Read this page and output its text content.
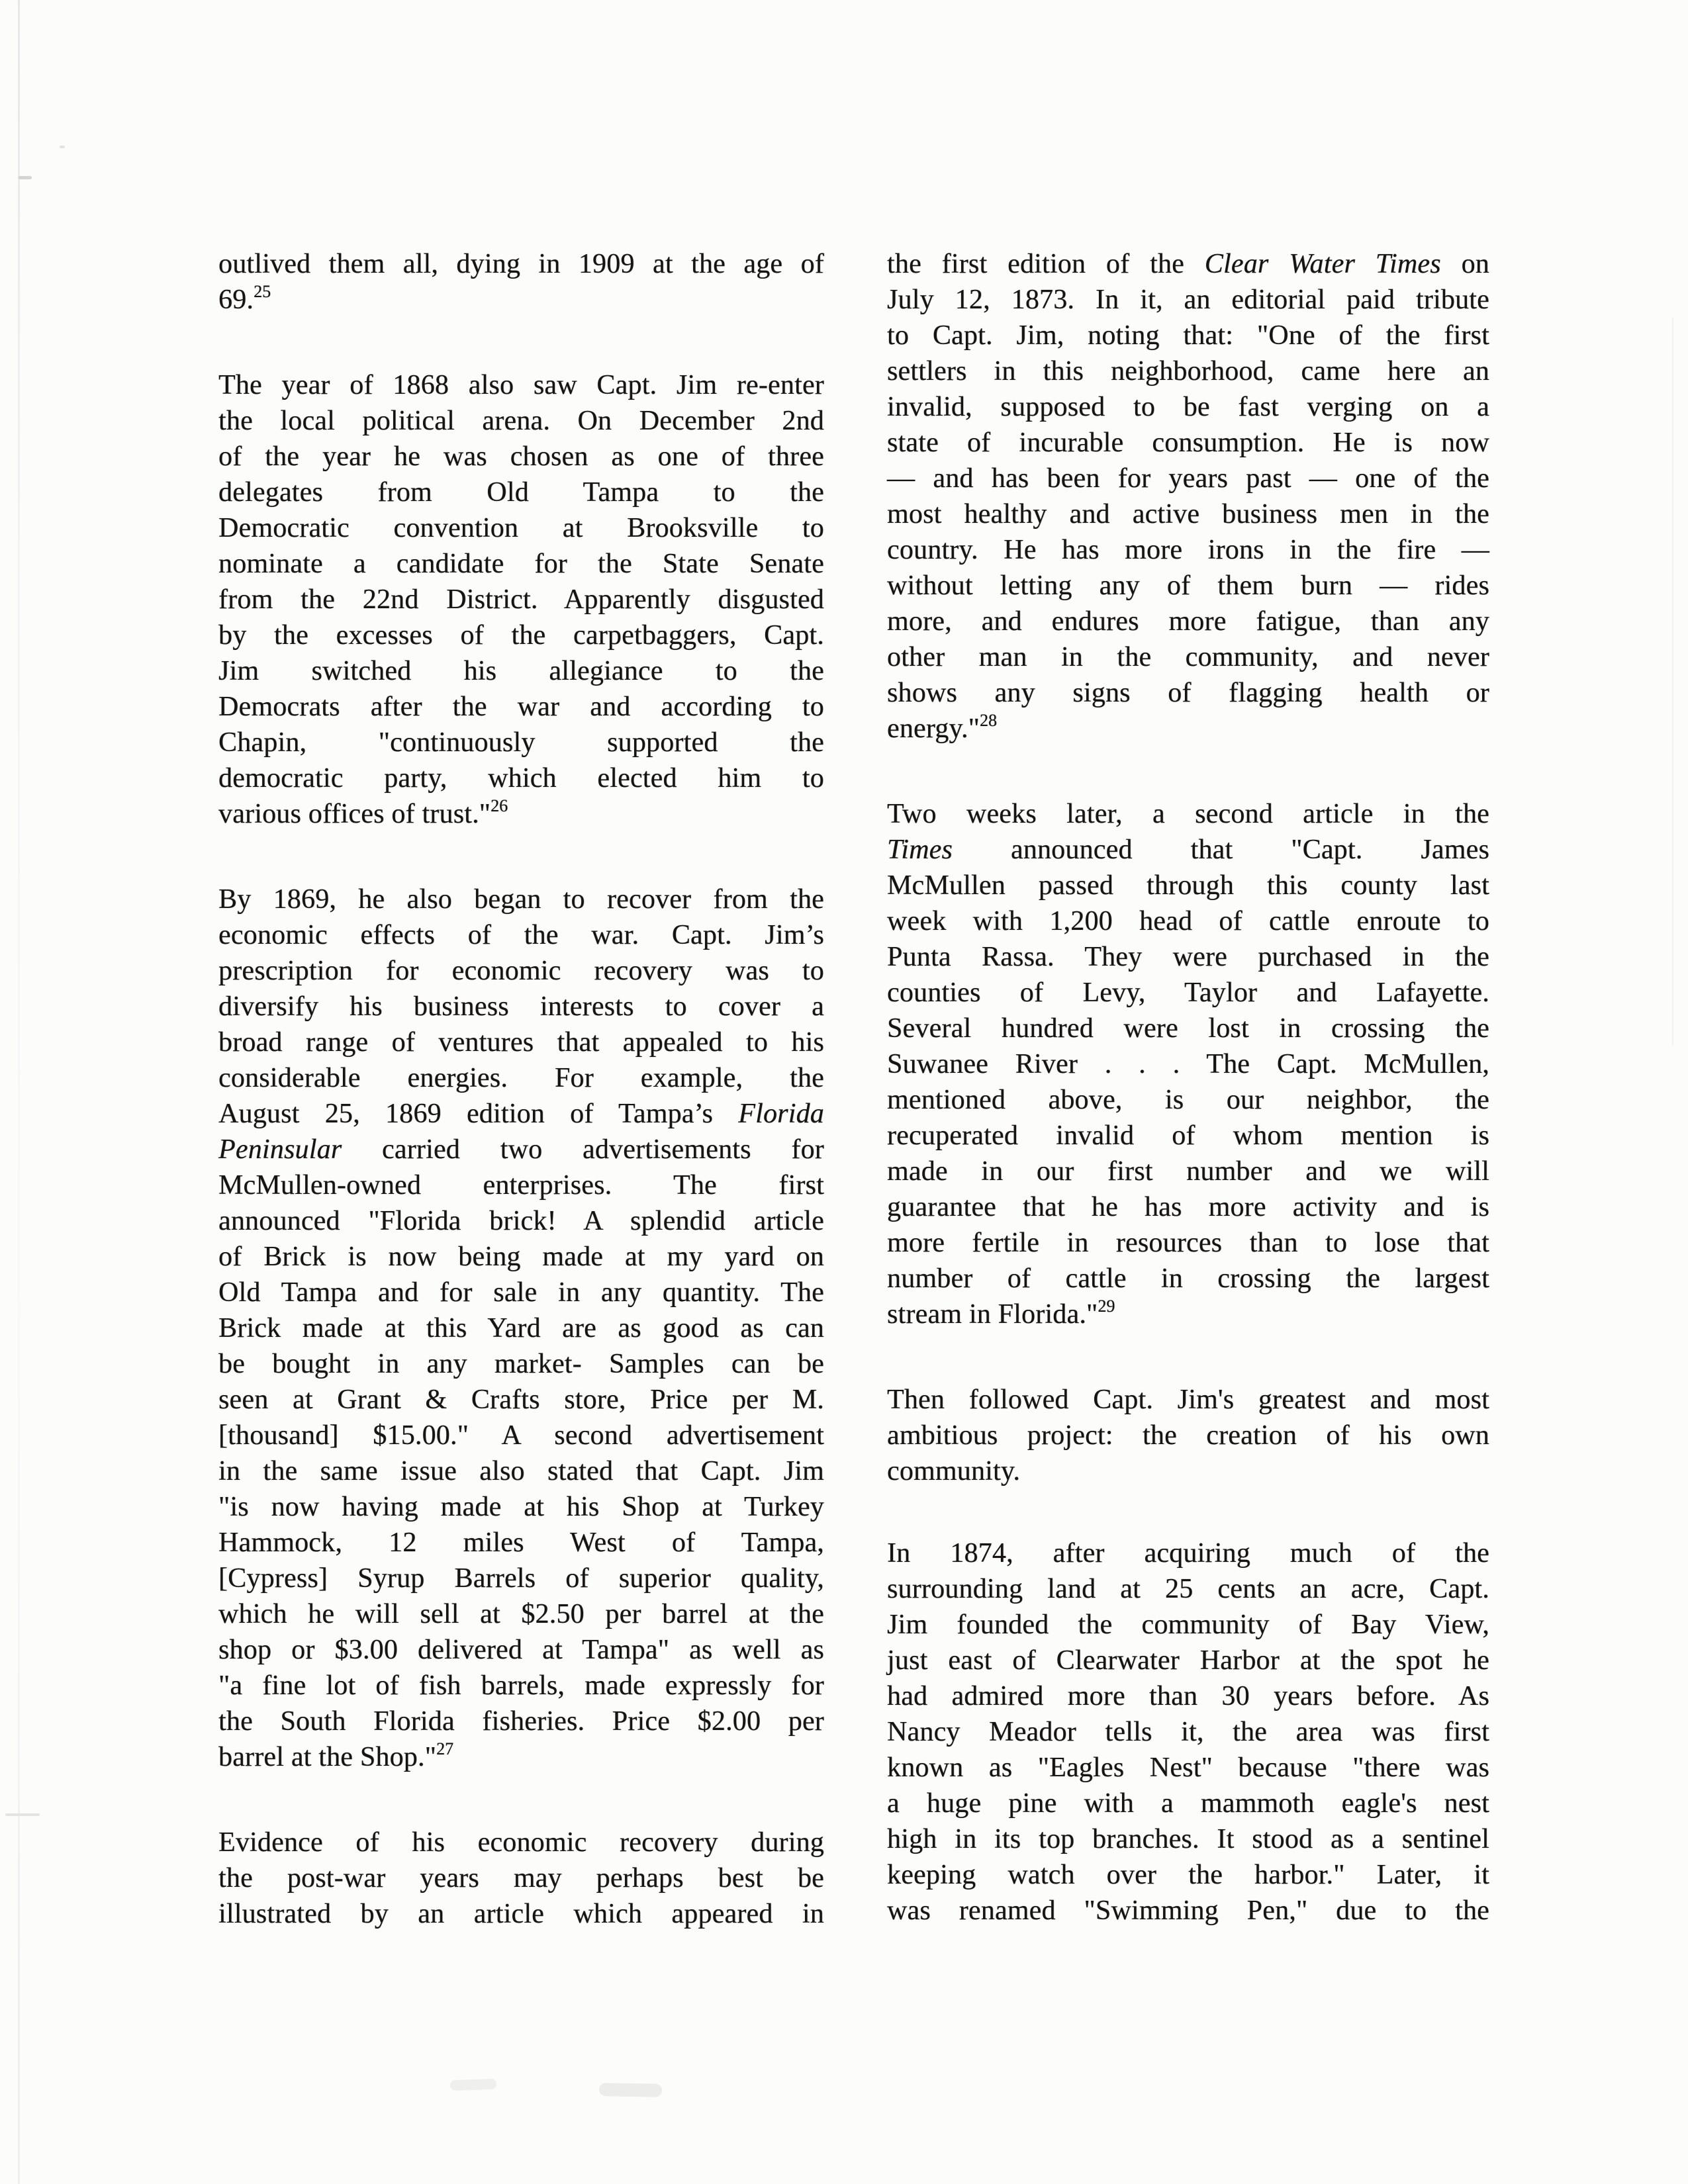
outlived them all, dying in 1909 at the age of
69.25
The year of 1868 also saw Capt. Jim re-enter
the local political arena. On December 2nd
of the year he was chosen as one of three
delegates from Old Tampa to the
Democratic convention at Brooksville to
nominate a candidate for the State Senate
from the 22nd District. Apparently disgusted
by the excesses of the carpetbaggers, Capt.
Jim switched his allegiance to the
Democrats after the war and according to
Chapin, "continuously supported the
democratic party, which elected him to
various offices of trust."$^{26}$
By 1869, he also began to recover from the
economic effects of the war. Capt. Jim’s
prescription for economic recovery was to
diversify his business interests to cover a
broad range of ventures that appealed to his
considerable energies. For example, the
August 25, 1869 edition of Tampa’s Florida
Peninsular carried two advertisements for
McMullen-owned enterprises. The first
announced "Florida brick! A splendid article
of Brick is now being made at my yard on
Old Tampa and for sale in any quantity. The
Brick made at this Yard are as good as can
be bought in any market- Samples can be
seen at Grant & Crafts store, Price per M.
[thousand] $15.00." A second advertisement
in the same issue also stated that Capt. Jim
"is now having made at his Shop at Turkey
Hammock, 12 miles West of Tampa,
[Cypress] Syrup Barrels of superior quality,
which he will sell at $2.50 per barrel at the
shop or $3.00 delivered at Tampa" as well as
"a fine lot of fish barrels, made expressly for
the South Florida fisheries. Price $2.00 per
barrel at the Shop."$^{27}$
Evidence of his economic recovery during
the post-war years may perhaps best be
illustrated by an article which appeared in
the first edition of the Clear Water Times on
July 12, 1873. In it, an editorial paid tribute
to Capt. Jim, noting that: "One of the first
settlers in this neighborhood, came here an
invalid, supposed to be fast verging on a
state of incurable consumption. He is now
— and has been for years past — one of the
most healthy and active business men in the
country. He has more irons in the fire —
without letting any of them burn — rides
more, and endures more fatigue, than any
other man in the community, and never
shows any signs of flagging health or
energy."$^{28}$
Two weeks later, a second article in the
Times announced that "Capt. James
McMullen passed through this county last
week with 1,200 head of cattle enroute to
Punta Rassa. They were purchased in the
counties of Levy, Taylor and Lafayette.
Several hundred were lost in crossing the
Suwanee River . . . The Capt. McMullen,
mentioned above, is our neighbor, the
recuperated invalid of whom mention is
made in our first number and we will
guarantee that he has more activity and is
more fertile in resources than to lose that
number of cattle in crossing the largest
stream in Florida."$^{29}$
Then followed Capt. Jim's greatest and most
ambitious project: the creation of his own
community.
In 1874, after acquiring much of the
surrounding land at 25 cents an acre, Capt.
Jim founded the community of Bay View,
just east of Clearwater Harbor at the spot he
had admired more than 30 years before. As
Nancy Meador tells it, the area was first
known as "Eagles Nest" because "there was
a huge pine with a mammoth eagle's nest
high in its top branches. It stood as a sentinel
keeping watch over the harbor." Later, it
was renamed "Swimming Pen," due to the
